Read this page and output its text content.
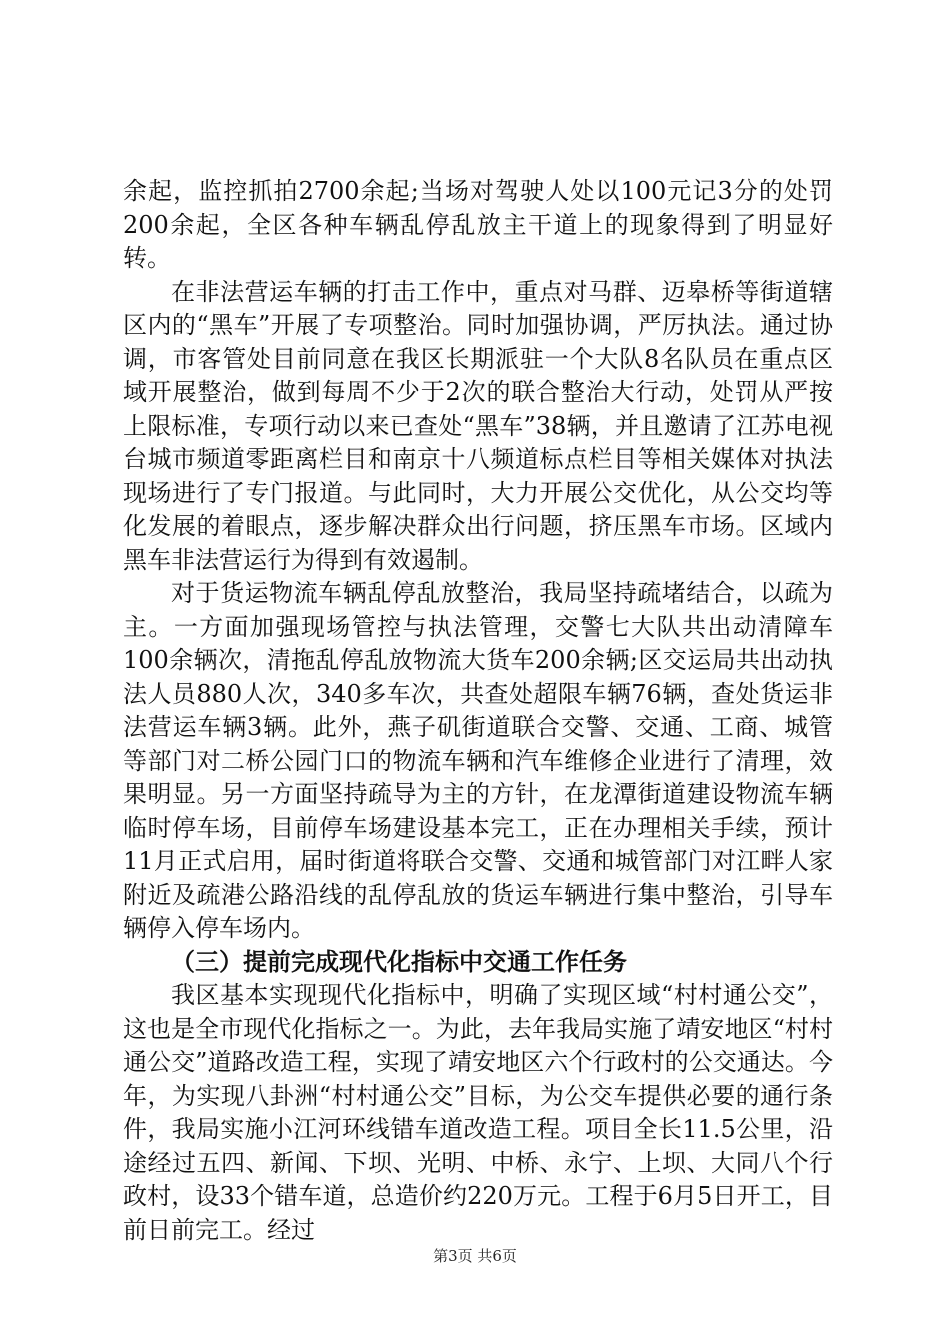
余起，监控抓拍2700余起;当场对驾驶人处以100元记3分的处罚200余起，全区各种车辆乱停乱放主干道上的现象得到了明显好转。

在非法营运车辆的打击工作中，重点对马群、迈皋桥等街道辖区内的“黑车”开展了专项整治。同时加强协调，严厉执法。通过协调，市客管处目前同意在我区长期派驻一个大队8名队员在重点区域开展整治，做到每周不少于2次的联合整治大行动，处罚从严按上限标准，专项行动以来已查处“黑车”38辆，并且邀请了江苏电视台城市频道零距离栏目和南京十八频道标点栏目等相关媒体对执法现场进行了专门报道。与此同时，大力开展公交优化，从公交均等化发展的着眼点，逐步解决群众出行问题，挤压黑车市场。区域内黑车非法营运行为得到有效遏制。

对于货运物流车辆乱停乱放整治，我局坚持疏堵结合，以疏为主。一方面加强现场管控与执法管理，交警七大队共出动清障车100余辆次，清拖乱停乱放物流大货车200余辆;区交运局共出动执法人员880人次，340多车次，共查处超限车辆76辆，查处货运非法营运车辆3辆。此外，燕子矶街道联合交警、交通、工商、城管等部门对二桥公园门口的物流车辆和汽车维修企业进行了清理，效果明显。另一方面坚持疏导为主的方针，在龙潭街道建设物流车辆临时停车场，目前停车场建设基本完工，正在办理相关手续，预计11月正式启用，届时街道将联合交警、交通和城管部门对江畔人家附近及疏港公路沿线的乱停乱放的货运车辆进行集中整治，引导车辆停入停车场内。

（三）提前完成现代化指标中交通工作任务

我区基本实现现代化指标中，明确了实现区域“村村通公交”，这也是全市现代化指标之一。为此，去年我局实施了靖安地区“村村通公交”道路改造工程，实现了靖安地区六个行政村的公交通达。今年，为实现八卦洲“村村通公交”目标，为公交车提供必要的通行条件，我局实施小江河环线错车道改造工程。项目全长11.5公里，沿途经过五四、新闻、下坝、光明、中桥、永宁、上坝、大同八个行政村，设33个错车道，总造价约220万元。工程于6月5日开工，目前日前完工。经过

第3页 共6页
